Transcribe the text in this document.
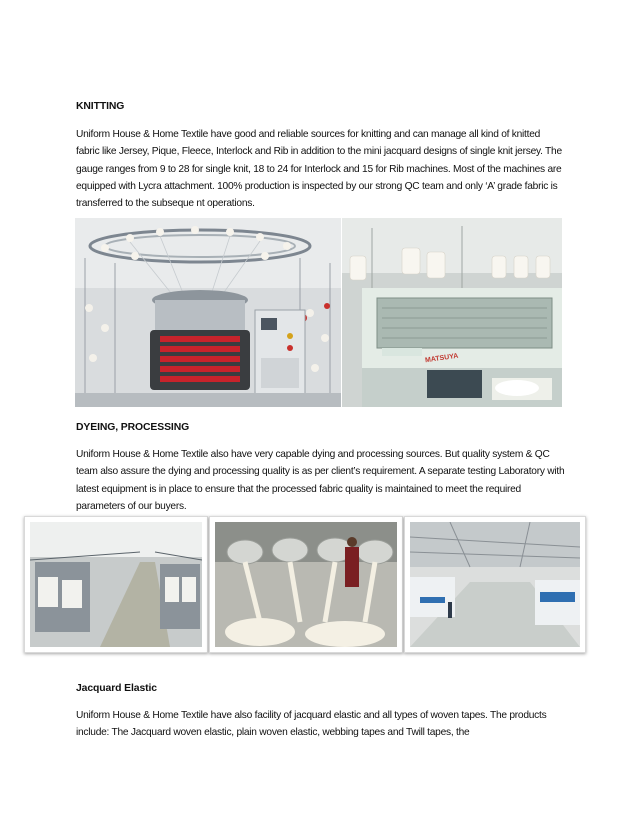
KNITTING

Uniform House & Home Textile have good and reliable sources for knitting and can manage all kind of knitted fabric like Jersey, Pique, Fleece, Interlock and Rib in addition to the mini jacquard designs of single knit jersey. The gauge ranges from 9 to 28 for single knit, 18 to 24 for Interlock and 15 for Rib machines. Most of the machines are equipped with Lycra attachment. 100% production is inspected by our strong QC team and only ‘A’ grade fabric is transferred to the subseque nt operations.

DYEING, PROCESSING

Uniform House & Home Textile also have very capable dying and processing sources. But quality system & QC team also assure the dying and processing quality is as per client’s requirement. A separate testing Laboratory with latest equipment is in place to ensure that the processed fabric quality is maintained to meet the required parameters of our buyers.

Jacquard Elastic

Uniform House & Home Textile have also facility of jacquard elastic and all types of woven tapes. The products include: The Jacquard woven elastic, plain woven elastic, webbing tapes and Twill tapes, the

MATSUYA
